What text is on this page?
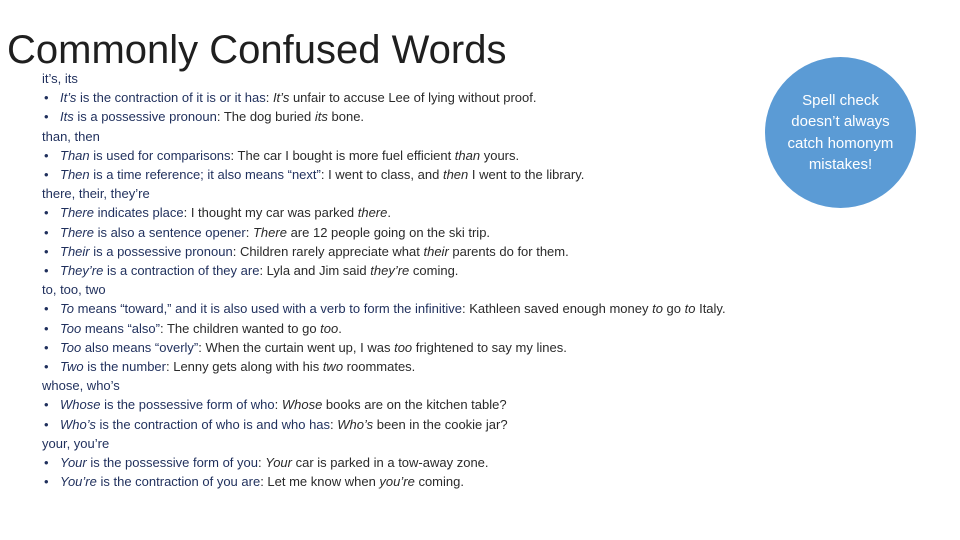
Commonly Confused Words
it’s, its
• It’s is the contraction of it is or it has: It’s unfair to accuse Lee of lying without proof.
• Its is a possessive pronoun: The dog buried its bone.
than, then
• Than is used for comparisons: The car I bought is more fuel efficient than yours.
• Then is a time reference; it also means “next”: I went to class, and then I went to the library.
there, their, they’re
• There indicates place: I thought my car was parked there.
• There is also a sentence opener: There are 12 people going on the ski trip.
• Their is a possessive pronoun: Children rarely appreciate what their parents do for them.
• They’re is a contraction of they are: Lyla and Jim said they’re coming.
to, too, two
• To means “toward,” and it is also used with a verb to form the infinitive: Kathleen saved enough money to go to Italy.
• Too means “also”: The children wanted to go too.
• Too also means “overly”: When the curtain went up, I was too frightened to say my lines.
• Two is the number: Lenny gets along with his two roommates.
whose, who’s
• Whose is the possessive form of who: Whose books are on the kitchen table?
• Who’s is the contraction of who is and who has: Who’s been in the cookie jar?
your, you’re
• Your is the possessive form of you: Your car is parked in a tow-away zone.
• You’re is the contraction of you are: Let me know when you’re coming.
Spell check doesn’t always catch homonym mistakes!
